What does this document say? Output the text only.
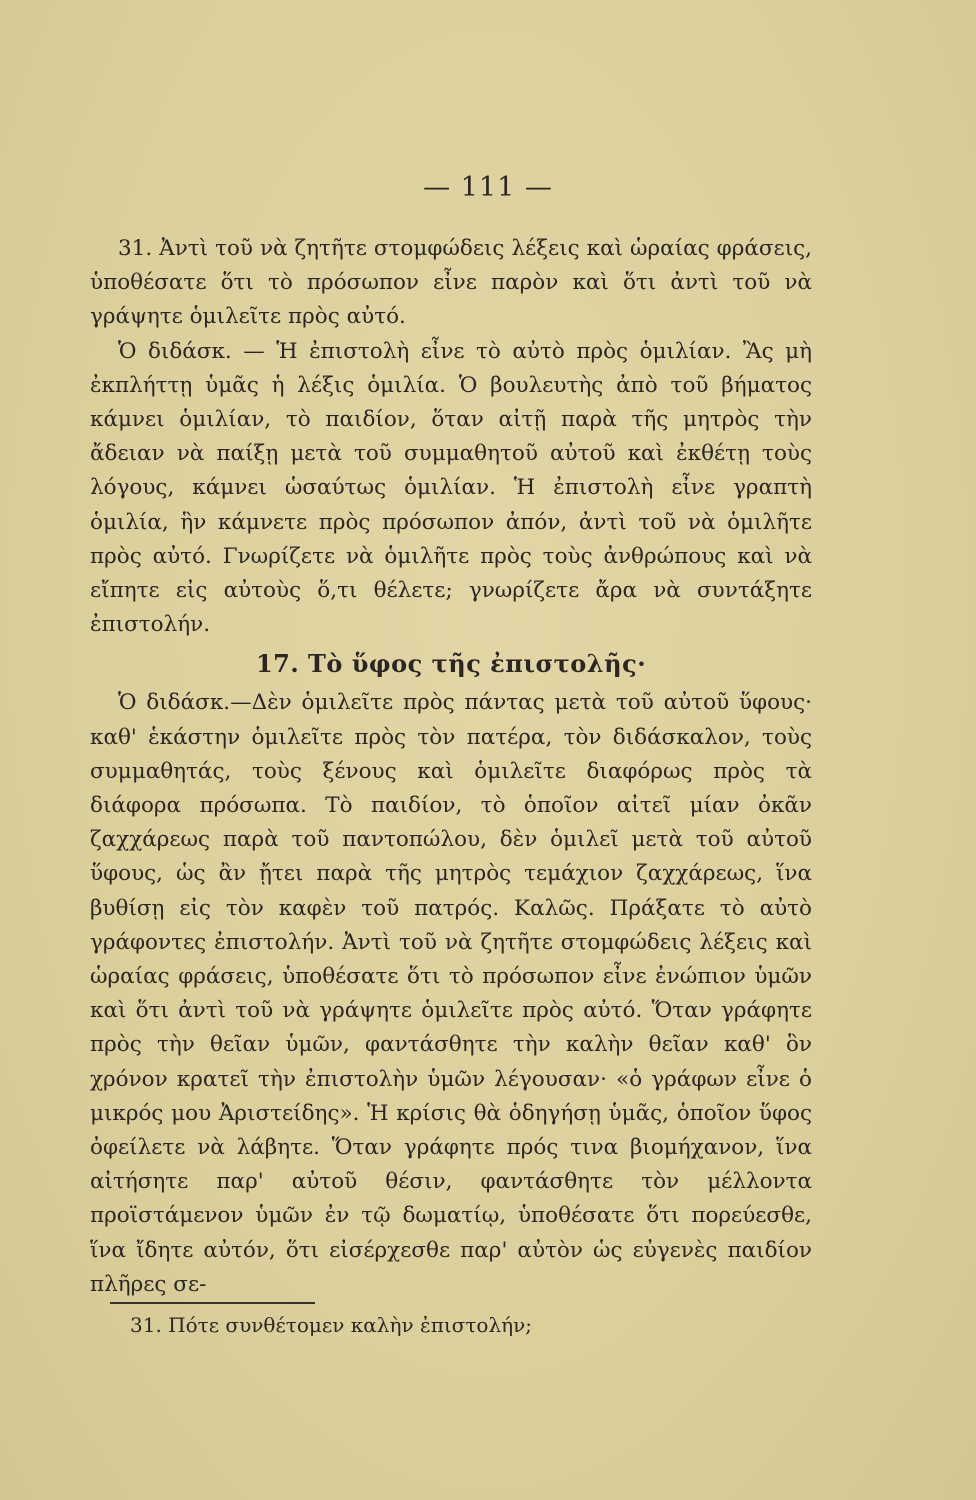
— 111 —

31. Ἀντὶ τοῦ νὰ ζητῆτε στομφώδεις λέξεις καὶ ὡραίας φράσεις, ὑποθέσατε ὅτι τὸ πρόσωπον εἶνε παρὸν καὶ ὅτι ἀντὶ τοῦ νὰ γράψητε ὁμιλεῖτε πρὸς αὐτό.

Ὁ διδάσκ. — Ἡ ἐπιστολὴ εἶνε τὸ αὐτὸ πρὸς ὁμιλίαν. Ἂς μὴ ἐκπλήττῃ ὑμᾶς ἡ λέξις ὁμιλία. Ὁ βουλευτὴς ἀπὸ τοῦ βήματος κάμνει ὁμιλίαν, τὸ παιδίον, ὅταν αἰτῇ παρὰ τῆς μητρὸς τὴν ἄδειαν νὰ παίξῃ μετὰ τοῦ συμμαθητοῦ αὐτοῦ καὶ ἐκθέτῃ τοὺς λόγους, κάμνει ὡσαύτως ὁμιλίαν. Ἡ ἐπιστολὴ εἶνε γραπτὴ ὁμιλία, ἣν κάμνετε πρὸς πρόσωπον ἀπόν, ἀντὶ τοῦ νὰ ὁμιλῆτε πρὸς αὐτό. Γνωρίζετε νὰ ὁμιλῆτε πρὸς τοὺς ἀνθρώπους καὶ νὰ εἴπητε εἰς αὐτοὺς ὅ,τι θέλετε; γνωρίζετε ἄρα νὰ συντάξητε ἐπιστολήν.

17. Τὸ ὕφος τῆς ἐπιστολῆς·

Ὁ διδάσκ.—Δὲν ὁμιλεῖτε πρὸς πάντας μετὰ τοῦ αὐτοῦ ὕφους· καθ' ἑκάστην ὁμιλεῖτε πρὸς τὸν πατέρα, τὸν διδάσκαλον, τοὺς συμμαθητάς, τοὺς ξένους καὶ ὁμιλεῖτε διαφόρως πρὸς τὰ διάφορα πρόσωπα. Τὸ παιδίον, τὸ ὁποῖον αἰτεῖ μίαν ὀκᾶν ζαχχάρεως παρὰ τοῦ παντοπώλου, δὲν ὁμιλεῖ μετὰ τοῦ αὐτοῦ ὕφους, ὡς ἂν ᾔτει παρὰ τῆς μητρὸς τεμάχιον ζαχχάρεως, ἵνα βυθίσῃ εἰς τὸν καφὲν τοῦ πατρός. Καλῶς. Πράξατε τὸ αὐτὸ γράφοντες ἐπιστολήν. Ἀντὶ τοῦ νὰ ζητῆτε στομφώδεις λέξεις καὶ ὡραίας φράσεις, ὑποθέσατε ὅτι τὸ πρόσωπον εἶνε ἐνώπιον ὑμῶν καὶ ὅτι ἀντὶ τοῦ νὰ γράψητε ὁμιλεῖτε πρὸς αὐτό. Ὅταν γράφητε πρὸς τὴν θεῖαν ὑμῶν, φαντάσθητε τὴν καλὴν θεῖαν καθ' ὃν χρόνον κρατεῖ τὴν ἐπιστολὴν ὑμῶν λέγουσαν· «ὁ γράφων εἶνε ὁ μικρός μου Ἀριστείδης». Ἡ κρίσις θὰ ὁδηγήσῃ ὑμᾶς, ὁποῖον ὕφος ὀφείλετε νὰ λάβητε. Ὅταν γράφητε πρός τινα βιομήχανον, ἵνα αἰτήσητε παρ' αὐτοῦ θέσιν, φαντάσθητε τὸν μέλλοντα προϊστάμενον ὑμῶν ἐν τῷ δωματίῳ, ὑποθέσατε ὅτι πορεύεσθε, ἵνα ἴδητε αὐτόν, ὅτι εἰσέρχεσθε παρ' αὐτὸν ὡς εὐγενὲς παιδίον πλῆρες σε-

31. Πότε συνθέτομεν καλὴν ἐπιστολήν;
